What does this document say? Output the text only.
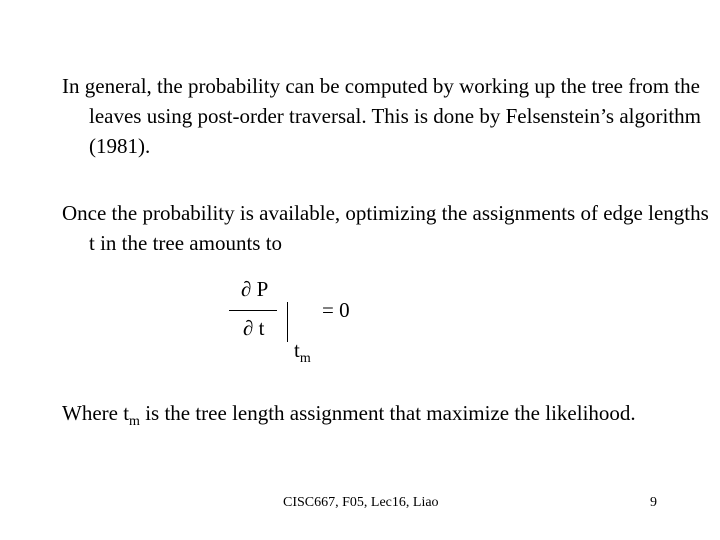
In general, the probability can be computed by working up the tree from the leaves using post-order traversal. This is done by Felsenstein’s algorithm (1981).

Once the probability is available, optimizing the assignments of edge lengths t in the tree amounts to

∂ P
∂ t
= 0
$t_m$

Where $t_m$ is the tree length assignment that maximize the likelihood.

CISC667, F05, Lec16, Liao	9
